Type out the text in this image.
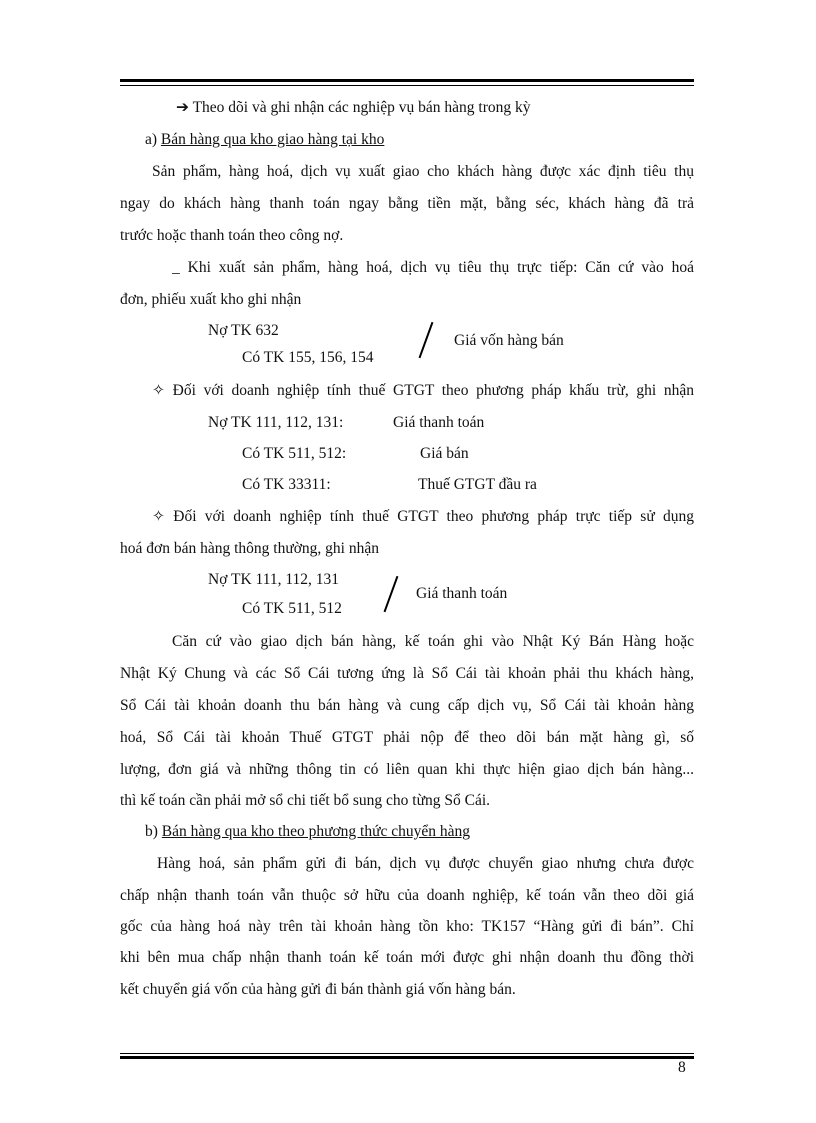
➔ Theo dõi và ghi nhận các nghiệp vụ bán hàng trong kỳ
a) Bán hàng qua kho giao hàng tại kho
Sản phẩm, hàng hoá, dịch vụ xuất giao cho khách hàng được xác định tiêu thụ
ngay do khách hàng thanh toán ngay bằng tiền mặt, bằng séc, khách hàng đã trả
trước hoặc thanh toán theo công nợ.
_ Khi xuất sản phẩm, hàng hoá, dịch vụ tiêu thụ trực tiếp: Căn cứ vào hoá
đơn, phiếu xuất kho ghi nhận
Nợ TK 632
Có TK 155, 156, 154
Giá vốn hàng bán
✧ Đối với doanh nghiệp tính thuế GTGT theo phương pháp khấu trừ, ghi nhận
Nợ TK 111, 112, 131:	Giá thanh toán
Có TK 511, 512:	Giá bán
Có TK 33311:	Thuế GTGT đầu ra
✧ Đối với doanh nghiệp tính thuế GTGT theo phương pháp trực tiếp sử dụng
hoá đơn bán hàng thông thường, ghi nhận
Nợ TK 111, 112, 131
Có TK 511, 512
Giá thanh toán
Căn cứ vào giao dịch bán hàng, kế toán ghi vào Nhật Ký Bán Hàng hoặc
Nhật Ký Chung và các Sổ Cái tương ứng là Sổ Cái tài khoản phải thu khách hàng,
Sổ Cái tài khoản doanh thu bán hàng và cung cấp dịch vụ, Sổ Cái tài khoản hàng
hoá, Sổ Cái tài khoản Thuế GTGT phải nộp để theo dõi bán mặt hàng gì, số
lượng, đơn giá và những thông tin có liên quan khi thực hiện giao dịch bán hàng...
thì kế toán cần phải mở sổ chi tiết bổ sung cho từng Sổ Cái.
b) Bán hàng qua kho theo phương thức chuyển hàng
Hàng hoá, sản phẩm gửi đi bán, dịch vụ được chuyển giao nhưng chưa được
chấp nhận thanh toán vẫn thuộc sở hữu của doanh nghiệp, kế toán vẫn theo dõi giá
gốc của hàng hoá này trên tài khoản hàng tồn kho: TK157 “Hàng gửi đi bán”. Chỉ
khi bên mua chấp nhận thanh toán kế toán mới được ghi nhận doanh thu đồng thời
kết chuyển giá vốn của hàng gửi đi bán thành giá vốn hàng bán.
8
